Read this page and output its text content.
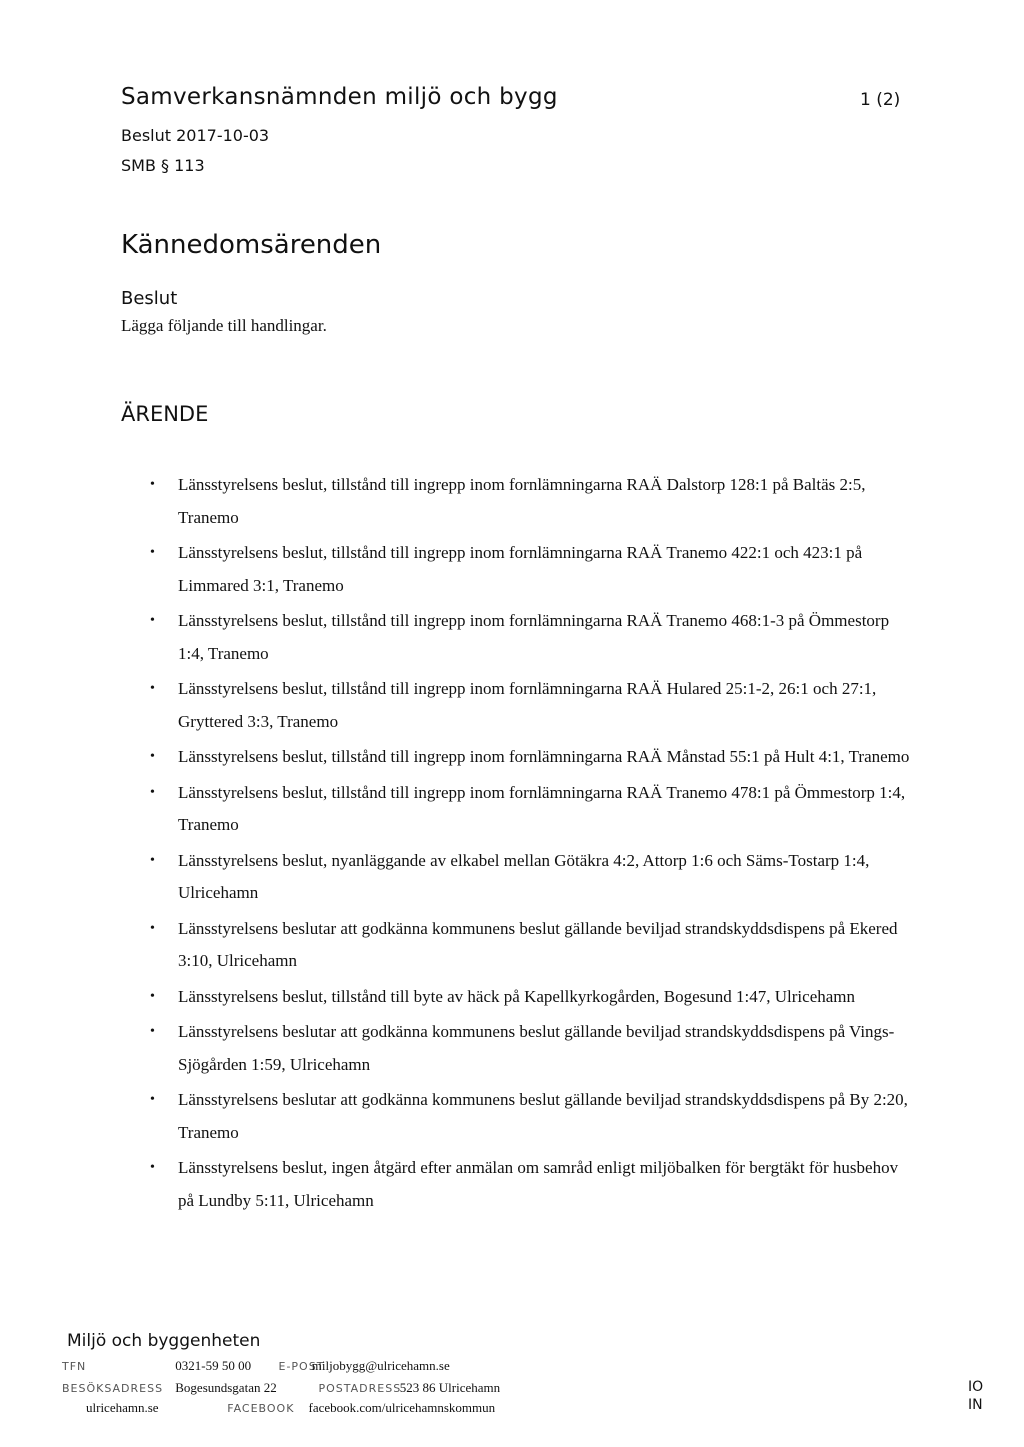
Samverkansnämnden miljö och bygg	1 (2)
Beslut 2017-10-03
SMB § 113
Kännedomsärenden
Beslut
Lägga följande till handlingar.
ÄRENDE
• Länsstyrelsens beslut, tillstånd till ingrepp inom fornlämningarna RAÄ Dalstorp 128:1 på Baltäs 2:5, Tranemo
• Länsstyrelsens beslut, tillstånd till ingrepp inom fornlämningarna RAÄ Tranemo 422:1 och 423:1 på Limmared 3:1, Tranemo
• Länsstyrelsens beslut, tillstånd till ingrepp inom fornlämningarna RAÄ Tranemo 468:1-3 på Ömmestorp 1:4, Tranemo
• Länsstyrelsens beslut, tillstånd till ingrepp inom fornlämningarna RAÄ Hulared 25:1-2, 26:1 och 27:1, Gryttered 3:3, Tranemo
• Länsstyrelsens beslut, tillstånd till ingrepp inom fornlämningarna RAÄ Månstad 55:1 på Hult 4:1, Tranemo
• Länsstyrelsens beslut, tillstånd till ingrepp inom fornlämningarna RAÄ Tranemo 478:1 på Ömmestorp 1:4, Tranemo
• Länsstyrelsens beslut, nyanläggande av elkabel mellan Götäkra 4:2, Attorp 1:6 och Säms-Tostarp 1:4, Ulricehamn
• Länsstyrelsens beslutar att godkänna kommunens beslut gällande beviljad strandskyddsdispens på Ekered 3:10, Ulricehamn
• Länsstyrelsens beslut, tillstånd till byte av häck på Kapellkyrkogården, Bogesund 1:47, Ulricehamn
• Länsstyrelsens beslutar att godkänna kommunens beslut gällande beviljad strandskyddsdispens på Vings-Sjögården 1:59, Ulricehamn
• Länsstyrelsens beslutar att godkänna kommunens beslut gällande beviljad strandskyddsdispens på By 2:20, Tranemo
• Länsstyrelsens beslut, ingen åtgärd efter anmälan om samråd enligt miljöbalken för bergtäkt för husbehov på Lundby 5:11, Ulricehamn
Miljö och byggenheten
TFN	0321-59 50 00 E-POST miljobygg@ulricehamn.se
BESÖKSADRESS Bogesundsgatan 22	POSTADRESS 523 86 Ulricehamn
ulricehamn.se	FACEBOOK facebook.com/ulricehamnskommun
IO
IN
